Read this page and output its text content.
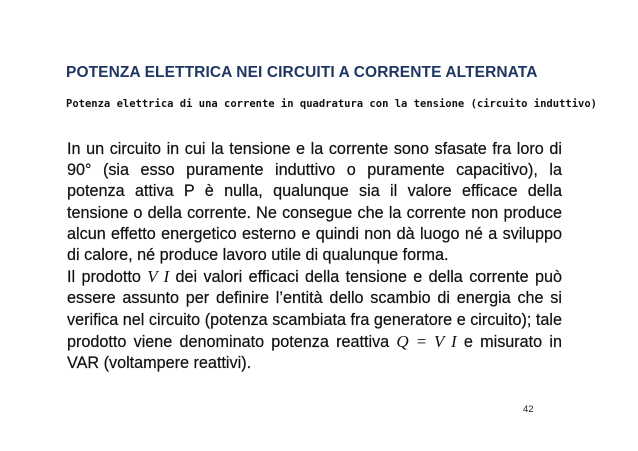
POTENZA ELETTRICA NEI CIRCUITI A CORRENTE ALTERNATA
Potenza elettrica di una corrente in quadratura con la tensione (circuito induttivo)

In un circuito in cui la tensione e la corrente sono sfasate fra loro di 90° (sia esso puramente induttivo o puramente capacitivo), la potenza attiva P è nulla, qualunque sia il valore efficace della tensione o della corrente. Ne consegue che la corrente non produce alcun effetto energetico esterno e quindi non dà luogo né a sviluppo di calore, né produce lavoro utile di qualunque forma.

Il prodotto V I dei valori efficaci della tensione e della corrente può essere assunto per definire l’entità dello scambio di energia che si verifica nel circuito (potenza scambiata fra generatore e circuito); tale prodotto viene denominato potenza reattiva Q = V I e misurato in VAR (voltampere reattivi).

42
